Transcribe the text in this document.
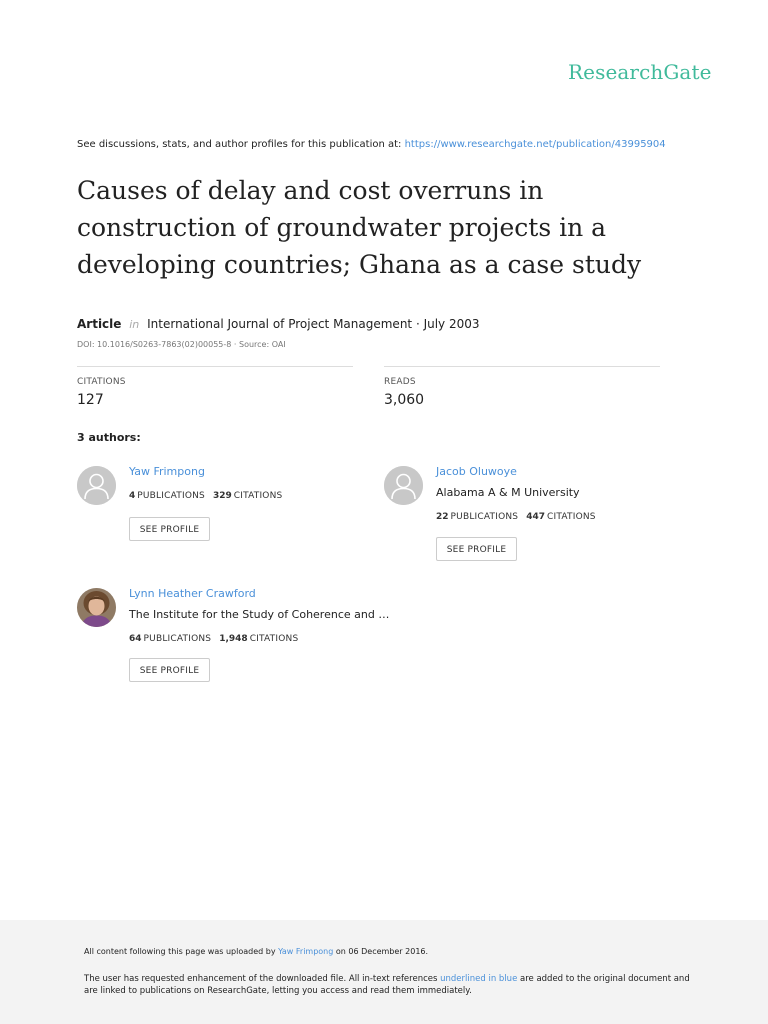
ResearchGate
See discussions, stats, and author profiles for this publication at: https://www.researchgate.net/publication/43995904
Causes of delay and cost overruns in construction of groundwater projects in a developing countries; Ghana as a case study
Article in International Journal of Project Management · July 2003
DOI: 10.1016/S0263-7863(02)00055-8 · Source: OAI
CITATIONS
127
READS
3,060
3 authors:
Yaw Frimpong
4 PUBLICATIONS 329 CITATIONS
SEE PROFILE
Jacob Oluwoye
Alabama A & M University
22 PUBLICATIONS 447 CITATIONS
SEE PROFILE
Lynn Heather Crawford
The Institute for the Study of Coherence and …
64 PUBLICATIONS 1,948 CITATIONS
SEE PROFILE
All content following this page was uploaded by Yaw Frimpong on 06 December 2016.
The user has requested enhancement of the downloaded file. All in-text references underlined in blue are added to the original document and are linked to publications on ResearchGate, letting you access and read them immediately.
